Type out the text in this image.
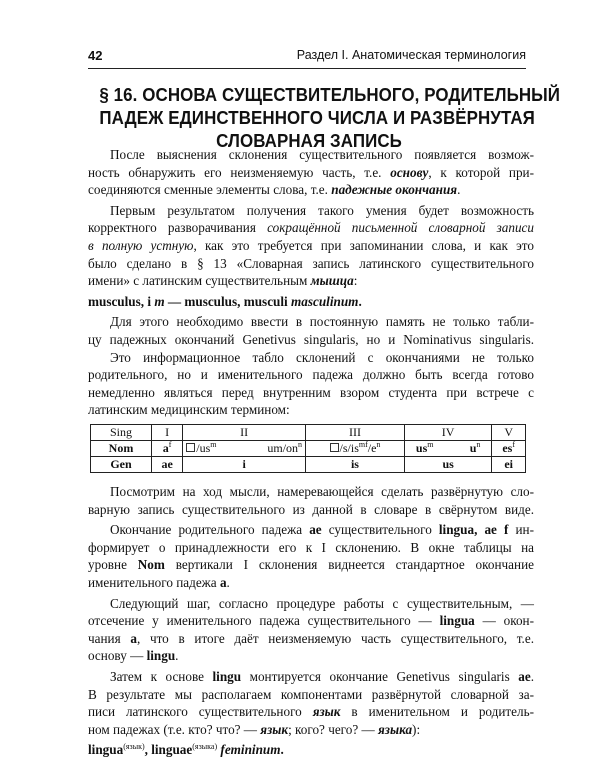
42	Раздел I. Анатомическая терминология
§ 16. ОСНОВА СУЩЕСТВИТЕЛЬНОГО, РОДИТЕЛЬНЫЙ
ПАДЕЖ ЕДИНСТВЕННОГО ЧИСЛА И РАЗВЁРНУТАЯ
СЛОВАРНАЯ ЗАПИСЬ
После выяснения склонения существительного появляется возмож-
ность обнаружить его неизменяемую часть, т.е. основу, к которой при-
соединяются сменные элементы слова, т.е. падежные окончания.
Первым результатом получения такого умения будет возможность
корректного разворачивания сокращённой письменной словарной записи
в полную устную, как это требуется при запоминании слова, и как это
было сделано в § 13 «Словарная запись латинского существительного
имени» с латинским существительным мышца:
musculus, i m — musculus, musculi masculinum.
Для этого необходимо ввести в постоянную память не только табли-
цу падежных окончаний Genetivus singularis, но и Nominativus singularis.
Это информационное табло склонений с окончаниями не только
родительного, но и именительного падежа должно быть всегда готово
немедленно являться перед внутренним взором студента при встрече с
латинским медицинским термином:
Sing	I	II	III	IV	V
Nom	$a^f$	$/us^m$ $um/on^n$	$/s/is^{mf}/e^n$	$us^m$ $u^n$	$es^f$
Gen	ae	i	is	us	ei
Посмотрим на ход мысли, намеревающейся сделать развёрнутую сло-
варную запись существительного из данной в словаре в свёрнутом виде.
Окончание родительного падежа ae существительного lingua, ae f ин-
формирует о принадлежности его к I склонению. В окне таблицы на
уровне Nom вертикали I склонения виднеется стандартное окончание
именительного падежа a.
Следующий шаг, согласно процедуре работы с существительным, —
отсечение у именительного падежа существительного — lingua — окон-
чания a, что в итоге даёт неизменяемую часть существительного, т.е.
основу — lingu.
Затем к основе lingu монтируется окончание Genetivus singularis ae.
В результате мы располагаем компонентами развёрнутой словарной за-
писи латинского существительного язык в именительном и родитель-
ном падежах (т.е. кто? что? — язык; кого? чего? — языка):
lingua$^{(язык)}$, linguae$^{(языка)}$ femininum.
